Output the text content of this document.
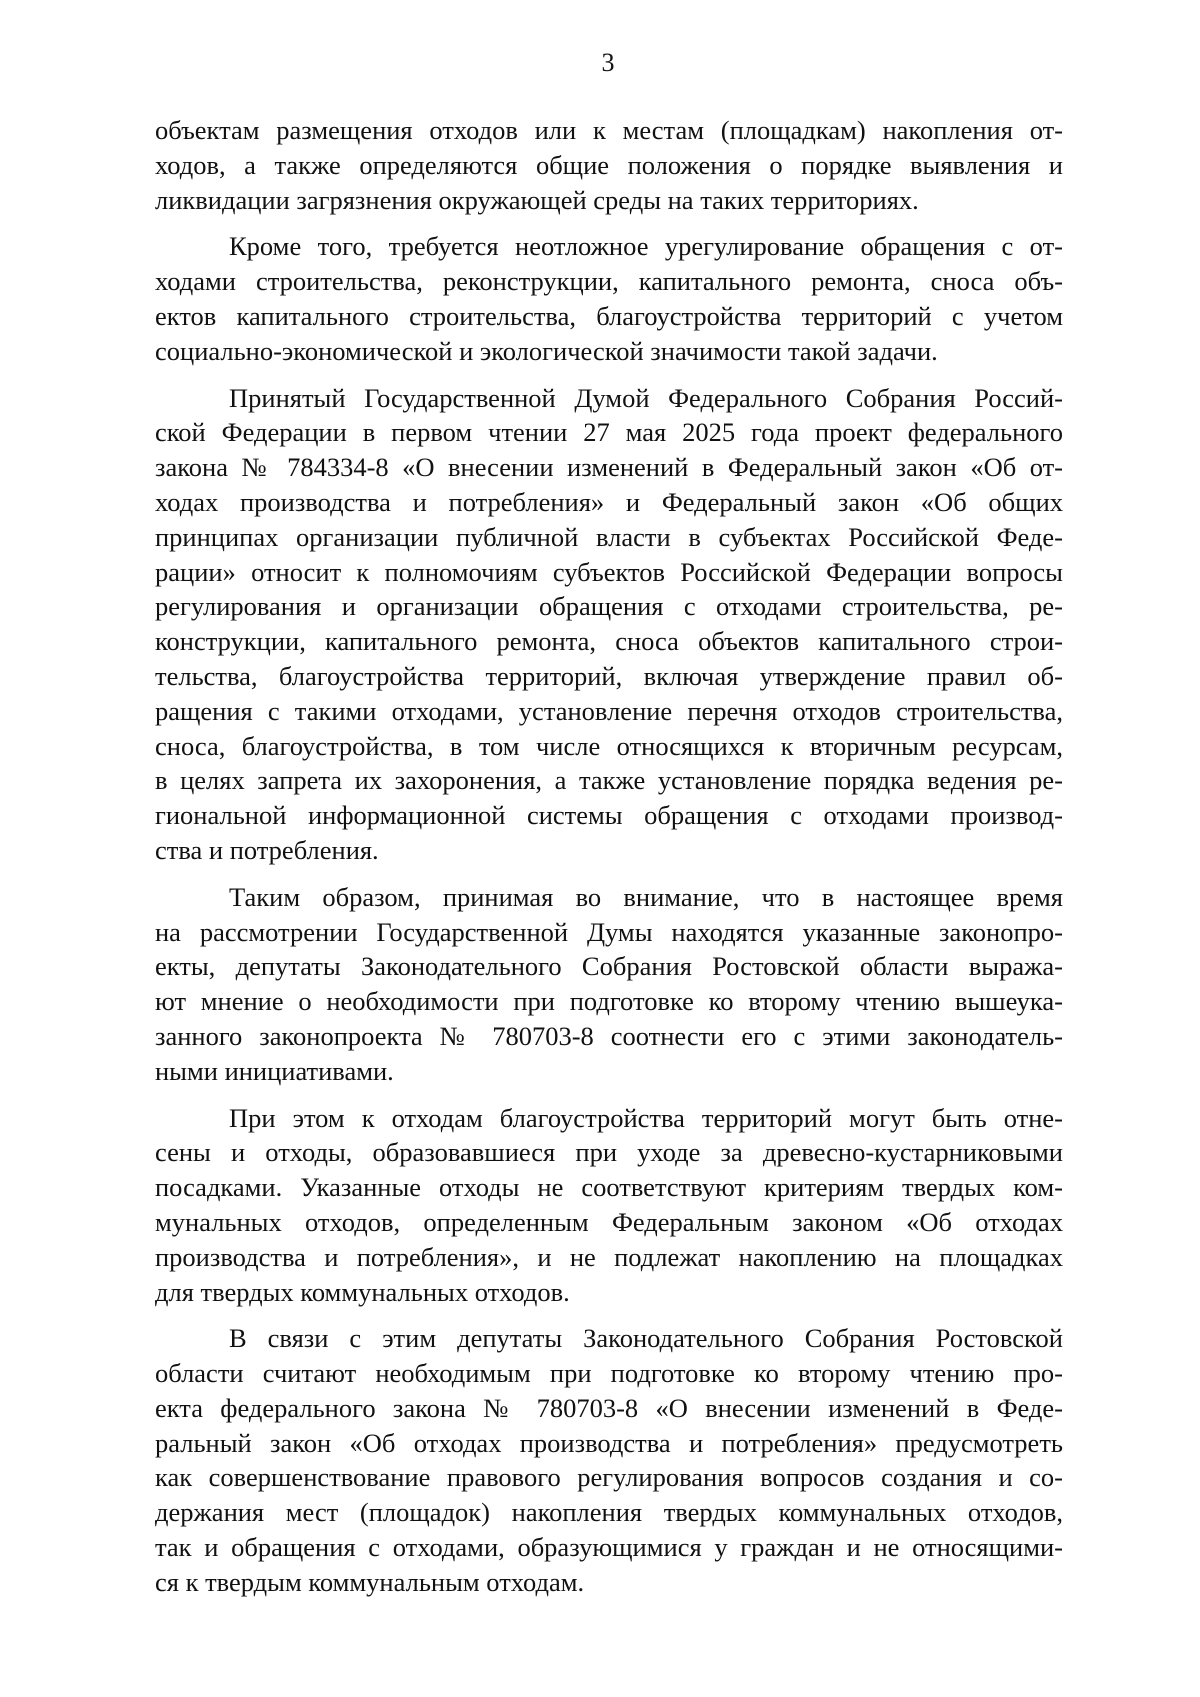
3

объектам размещения отходов или к местам (площадкам) накопления от-
ходов, а также определяются общие положения о порядке выявления и
ликвидации загрязнения окружающей среды на таких территориях.

Кроме того, требуется неотложное урегулирование обращения с от-
ходами строительства, реконструкции, капитального ремонта, сноса объ-
ектов капитального строительства, благоустройства территорий с учетом
социально-экономической и экологической значимости такой задачи.

Принятый Государственной Думой Федерального Собрания Россий-
ской Федерации в первом чтении 27 мая 2025 года проект федерального
закона № 784334-8 «О внесении изменений в Федеральный закон «Об от-
ходах производства и потребления» и Федеральный закон «Об общих
принципах организации публичной власти в субъектах Российской Феде-
рации» относит к полномочиям субъектов Российской Федерации вопросы
регулирования и организации обращения с отходами строительства, ре-
конструкции, капитального ремонта, сноса объектов капитального строи-
тельства, благоустройства территорий, включая утверждение правил об-
ращения с такими отходами, установление перечня отходов строительства,
сноса, благоустройства, в том числе относящихся к вторичным ресурсам,
в целях запрета их захоронения, а также установление порядка ведения ре-
гиональной информационной системы обращения с отходами производ-
ства и потребления.

Таким образом, принимая во внимание, что в настоящее время
на рассмотрении Государственной Думы находятся указанные законопро-
екты, депутаты Законодательного Собрания Ростовской области выража-
ют мнение о необходимости при подготовке ко второму чтению вышеука-
занного законопроекта № 780703-8 соотнести его с этими законодатель-
ными инициативами.

При этом к отходам благоустройства территорий могут быть отне-
сены и отходы, образовавшиеся при уходе за древесно-кустарниковыми
посадками. Указанные отходы не соответствуют критериям твердых ком-
мунальных отходов, определенным Федеральным законом «Об отходах
производства и потребления», и не подлежат накоплению на площадках
для твердых коммунальных отходов.

В связи с этим депутаты Законодательного Собрания Ростовской
области считают необходимым при подготовке ко второму чтению про-
екта федерального закона № 780703-8 «О внесении изменений в Феде-
ральный закон «Об отходах производства и потребления» предусмотреть
как совершенствование правового регулирования вопросов создания и со-
держания мест (площадок) накопления твердых коммунальных отходов,
так и обращения с отходами, образующимися у граждан и не относящими-
ся к твердым коммунальным отходам.
